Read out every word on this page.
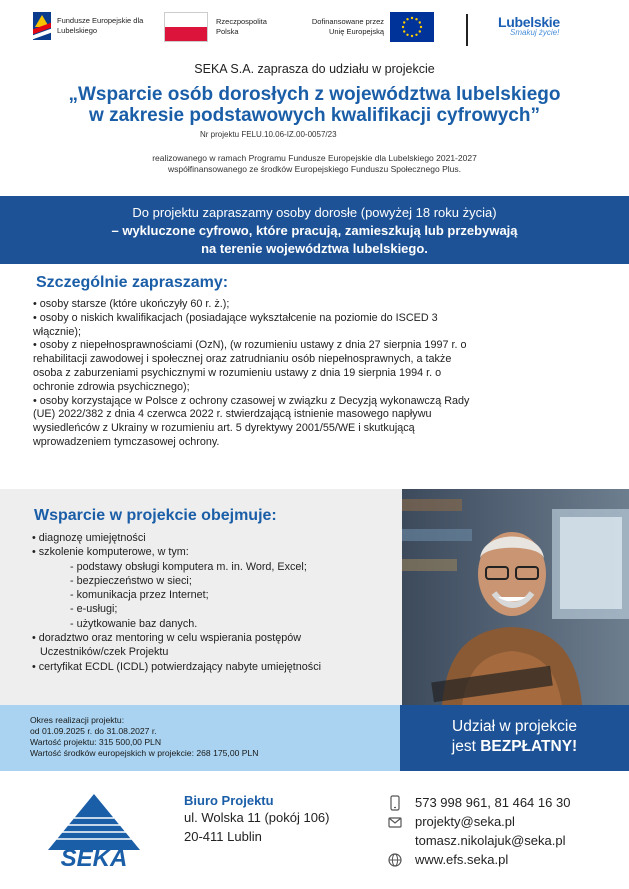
Fundusze Europejskie dla Lubelskiego
Rzeczpospolita Polska
Dofinansowane przez Unię Europejską
Lubelskie
Smakuj życie!
SEKA S.A. zaprasza do udziału w projekcie
„Wsparcie osób dorosłych z województwa lubelskiego
w zakresie podstawowych kwalifikacji cyfrowych”
Nr projektu FELU.10.06-IZ.00-0057/23
realizowanego w ramach Programu Fundusze Europejskie dla Lubelskiego 2021-2027
współfinansowanego ze środków Europejskiego Funduszu Społecznego Plus.
Do projektu zapraszamy osoby dorosłe (powyżej 18 roku życia)
– wykluczone cyfrowo, które pracują, zamieszkują lub przebywają
na terenie województwa lubelskiego.
Szczególnie zapraszamy:
• osoby starsze (które ukończyły 60 r. ż.);
• osoby o niskich kwalifikacjach (posiadające wykształcenie na poziomie do ISCED 3
włącznie);
• osoby z niepełnosprawnościami (OzN), (w rozumieniu ustawy z dnia 27 sierpnia 1997 r. o
rehabilitacji zawodowej i społecznej oraz zatrudnianiu osób niepełnosprawnych, a także
osoba z zaburzeniami psychicznymi w rozumieniu ustawy z dnia 19 sierpnia 1994 r. o
ochronie zdrowia psychicznego);
• osoby korzystające w Polsce z ochrony czasowej w związku z Decyzją wykonawczą Rady
(UE) 2022/382 z dnia 4 czerwca 2022 r. stwierdzającą istnienie masowego napływu
wysiedleńców z Ukrainy w rozumieniu art. 5 dyrektywy 2001/55/WE i skutkującą
wprowadzeniem tymczasowej ochrony.
Wsparcie w projekcie obejmuje:
• diagnozę umiejętności
• szkolenie komputerowe, w tym:
- podstawy obsługi komputera m. in. Word, Excel;
- bezpieczeństwo w sieci;
- komunikacja przez Internet;
- e-usługi;
- użytkowanie baz danych.
• doradztwo oraz mentoring w celu wspierania postępów
Uczestników/czek Projektu
• certyfikat ECDL (ICDL) potwierdzający nabyte umiejętności
Okres realizacji projektu:
od 01.09.2025 r. do 31.08.2027 r.
Wartość projektu: 315 500,00 PLN
Wartość środków europejskich w projekcie: 268 175,00 PLN
Udział w projekcie
jest BEZPŁATNY!
SEKA
Biuro Projektu
ul. Wolska 11 (pokój 106)
20-411 Lublin
573 998 961, 81 464 16 30
projekty@seka.pl
tomasz.nikolajuk@seka.pl
www.efs.seka.pl
